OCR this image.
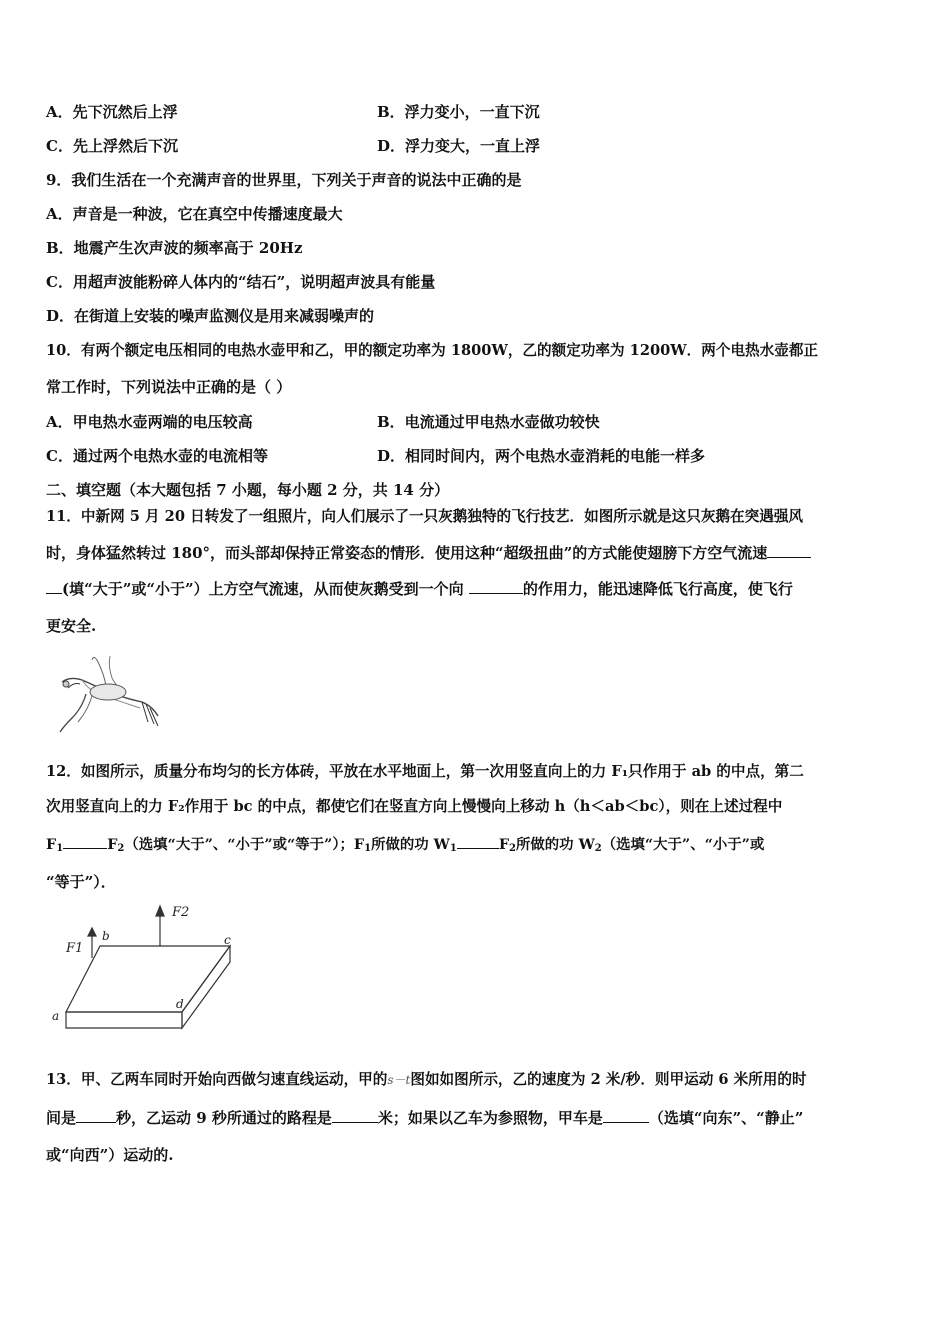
A．先下沉然后上浮	B．浮力变小，一直下沉
C．先上浮然后下沉	D．浮力变大，一直上浮
9．我们生活在一个充满声音的世界里，下列关于声音的说法中正确的是
A．声音是一种波，它在真空中传播速度最大
B．地震产生次声波的频率高于 20Hz
C．用超声波能粉碎人体内的“结石”，说明超声波具有能量
D．在街道上安装的噪声监测仪是用来减弱噪声的
10．有两个额定电压相同的电热水壶甲和乙，甲的额定功率为 1800W，乙的额定功率为 1200W．两个电热水壶都正
常工作时，下列说法中正确的是（ ）
A．甲电热水壶两端的电压较高	B．电流通过甲电热水壶做功较快
C．通过两个电热水壶的电流相等	D．相同时间内，两个电热水壶消耗的电能一样多
二、填空题（本大题包括 7 小题，每小题 2 分，共 14 分）
11．中新网 5 月 20 日转发了一组照片，向人们展示了一只灰鹅独特的飞行技艺．如图所示就是这只灰鹅在突遇强风
时，身体猛然转过 180°，而头部却保持正常姿态的情形．使用这种“超级扭曲”的方式能使翅膀下方空气流速
(填“大于”或“小于”）上方空气流速，从而使灰鹅受到一个向	的作用力，能迅速降低飞行高度，使飞行
更安全.
12．如图所示，质量分布均匀的长方体砖，平放在水平地面上，第一次用竖直向上的力 F₁只作用于 ab 的中点，第二
次用竖直向上的力 F₂作用于 bc 的中点，都使它们在竖直方向上慢慢向上移动 h（h＜ab＜bc），则在上述过程中
$F_1$	$F_2$（选填“大于”、“小于”或“等于”）；$F_1$所做的功 $W_1$	$F_2$所做的功 $W_2$（选填“大于”、“小于”或
“等于”）．
F1
F2
b	c
a
d
13．甲、乙两车同时开始向西做匀速直线运动，甲的s－t图如如图所示，乙的速度为 2 米/秒．则甲运动 6 米所用的时
间是	秒，乙运动 9 秒所通过的路程是	米；如果以乙车为参照物，甲车是	（选填“向东”、“静止”
或“向西”）运动的.
